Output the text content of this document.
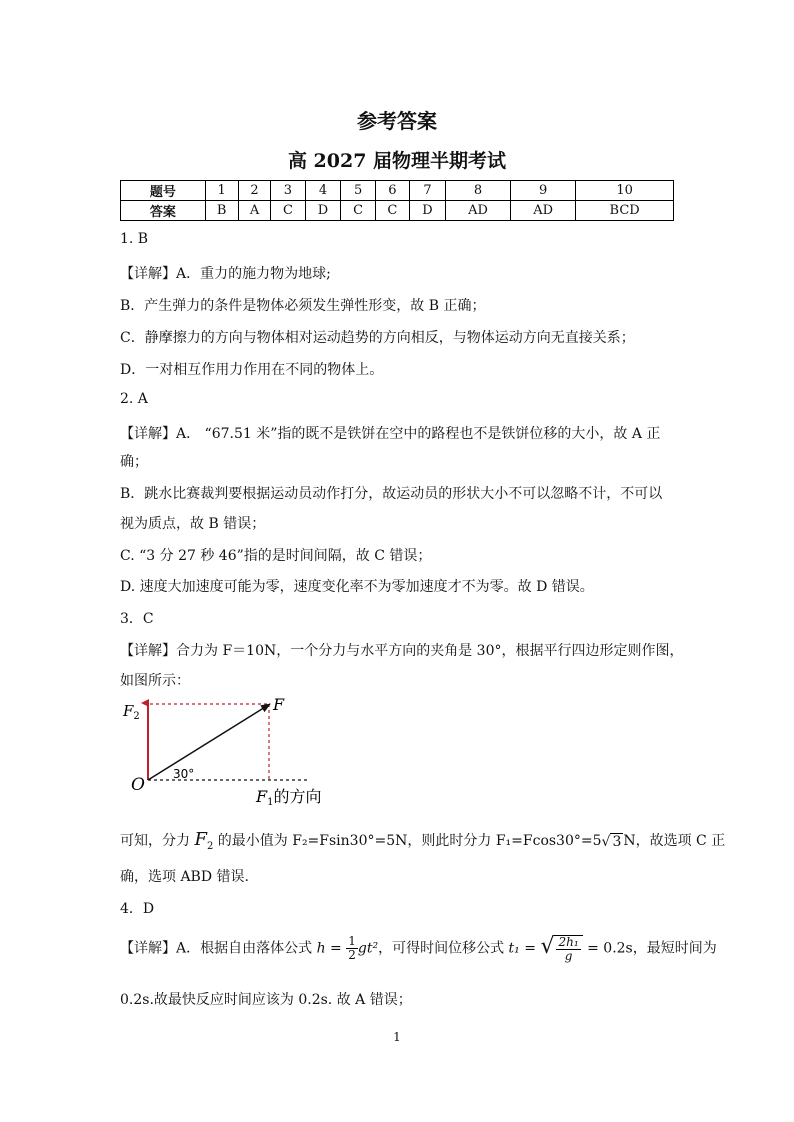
参考答案
高 2027 届物理半期考试
题号	1	2	3	4	5	6	7	8	9	10
答案	B	A	C	D	C	C	D	AD	AD	BCD
1. B
【详解】A．重力的施力物为地球;
B．产生弹力的条件是物体必须发生弹性形变，故 B 正确；
C．静摩擦力的方向与物体相对运动趋势的方向相反，与物体运动方向无直接关系；
D．一对相互作用力作用在不同的物体上。
2. A
【详解】A． “67.51 米”指的既不是铁饼在空中的路程也不是铁饼位移的大小，故 A 正
确；
B．跳水比赛裁判要根据运动员动作打分，故运动员的形状大小不可以忽略不计，不可以
视为质点，故 B 错误；
C. “3 分 27 秒 46”指的是时间间隔，故 C 错误；
D. 速度大加速度可能为零，速度变化率不为零加速度才不为零。故 D 错误。
3．C
【详解】合力为 F＝10N，一个分力与水平方向的夹角是 30°，根据平行四边形定则作图，
如图所示：
F
$F_2$
O
30°
F1的方向
可知，分力 $F_2$ 的最小值为 F₂=Fsin30°=5N，则此时分力 F₁=Fcos30°=5√ 3 N，故选项 C 正
确，选项 ABD 错误.
4．D
【详解】A．根据自由落体公式 $h = \frac{1}{2} gt^2$，可得时间位移公式 t₁ = √ $\frac{\text{2h₁}}{g} = 0.2s$，最短时间为
0.2s.故最快反应时间应该为 0.2s. 故 A 错误；
1
